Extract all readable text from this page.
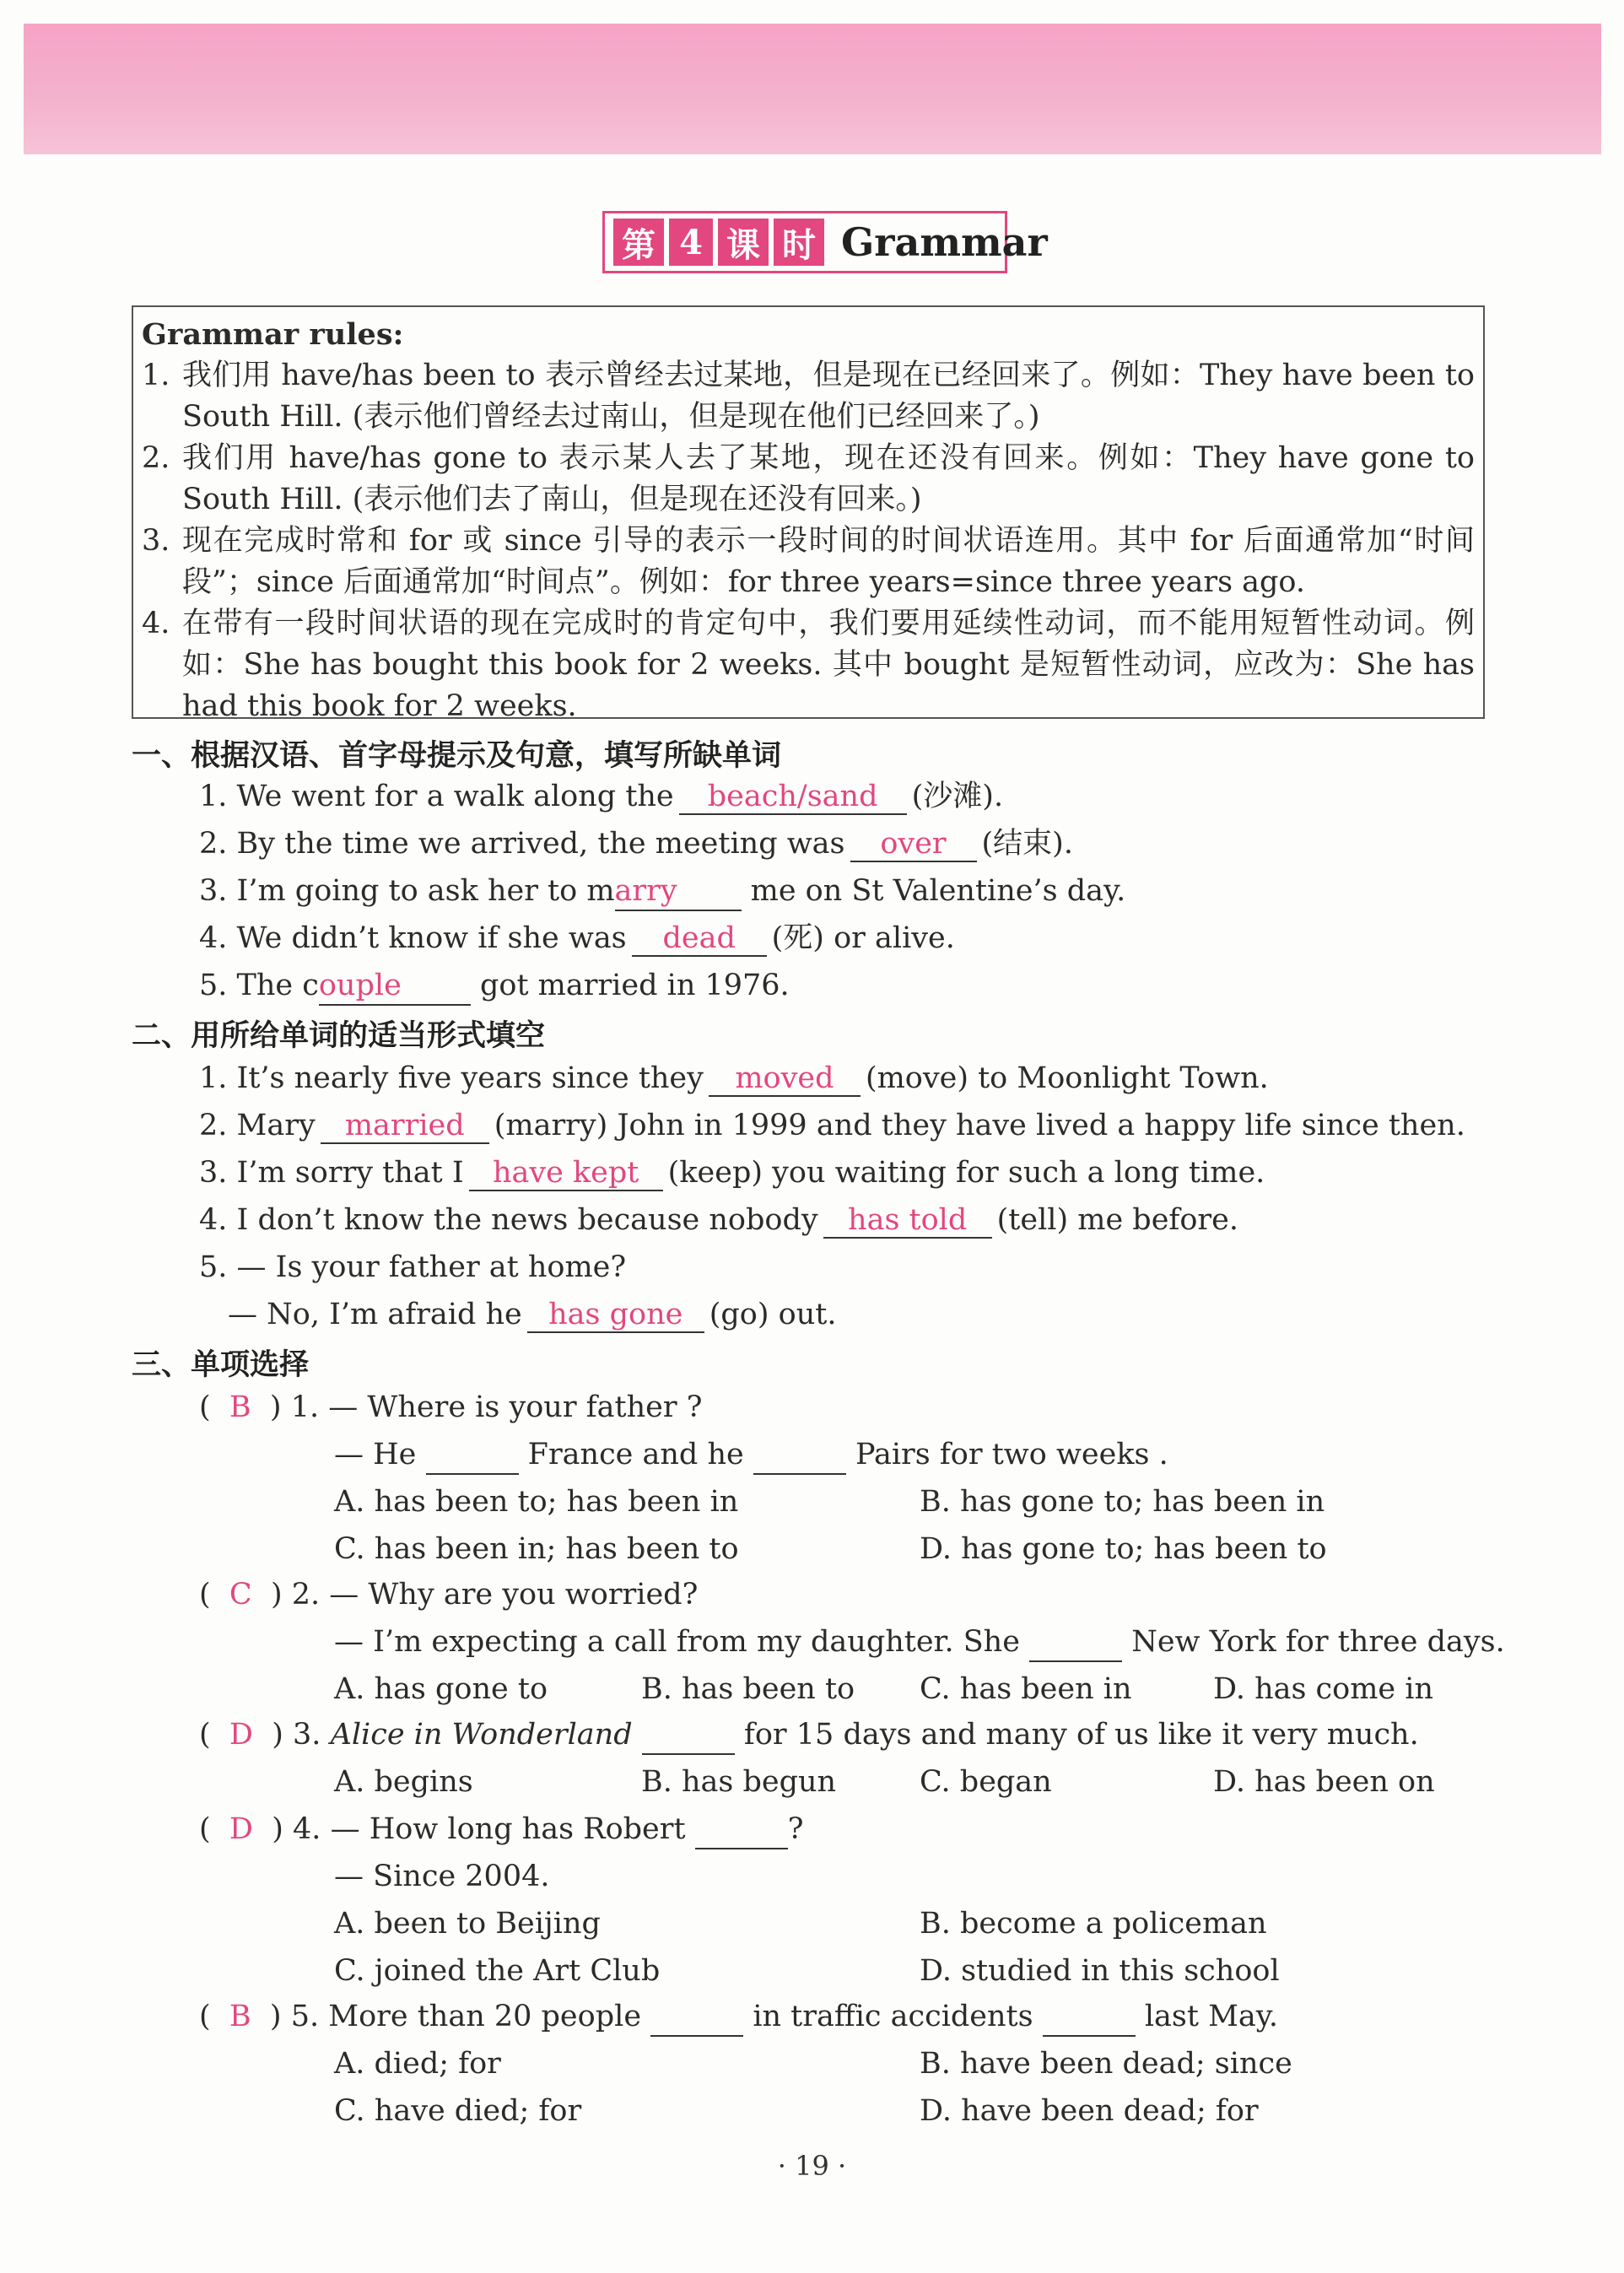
第 4 课 时 Grammar
Grammar rules:
1. 我们用 have/has been to 表示曾经去过某地，但是现在已经回来了。例如：They have been to South Hill. (表示他们曾经去过南山，但是现在他们已经回来了。)
2. 我们用 have/has gone to 表示某人去了某地，现在还没有回来。例如：They have gone to South Hill. (表示他们去了南山，但是现在还没有回来。)
3. 现在完成时常和 for 或 since 引导的表示一段时间的时间状语连用。其中 for 后面通常加“时间段”；since 后面通常加“时间点”。例如：for three years=since three years ago.
4. 在带有一段时间状语的现在完成时的肯定句中，我们要用延续性动词，而不能用短暂性动词。例如：She has bought this book for 2 weeks. 其中 bought 是短暂性动词，应改为：She has had this book for 2 weeks.
一、根据汉语、首字母提示及句意，填写所缺单词
1. We went for a walk along the beach/sand (沙滩).
2. By the time we arrived, the meeting was over (结束).
3. I’m going to ask her to marry me on St Valentine’s day.
4. We didn’t know if she was dead (死) or alive.
5. The couple	got married in 1976.
二、用所给单词的适当形式填空
1. It’s nearly five years since they moved (move) to Moonlight Town.
2. Mary married (marry) John in 1999 and they have lived a happy life since then.
3. I’m sorry that I have kept (keep) you waiting for such a long time.
4. I don’t know the news because nobody has told (tell) me before.
5. — Is your father at home?
— No, I’m afraid he has gone (go) out.
三、单项选择
( B ) 1. — Where is your father ?
— He	France and he	Pairs for two weeks .
A. has been to; has been in	B. has gone to; has been in
C. has been in; has been to	D. has gone to; has been to
( C ) 2. — Why are you worried?
— I’m expecting a call from my daughter. She	New York for three days.
A. has gone to	B. has been to C. has been in	D. has come in
( D ) 3. Alice in Wonderland	for 15 days and many of us like it very much.
A. begins	B. has begun	C. began	D. has been on
( D ) 4. — How long has Robert	?
— Since 2004.
A. been to Beijing	B. become a policeman
C. joined the Art Club	D. studied in this school
( B ) 5. More than 20 people	in traffic accidents	last May.
A. died; for	B. have been dead; since
C. have died; for	D. have been dead; for
· 19 ·
